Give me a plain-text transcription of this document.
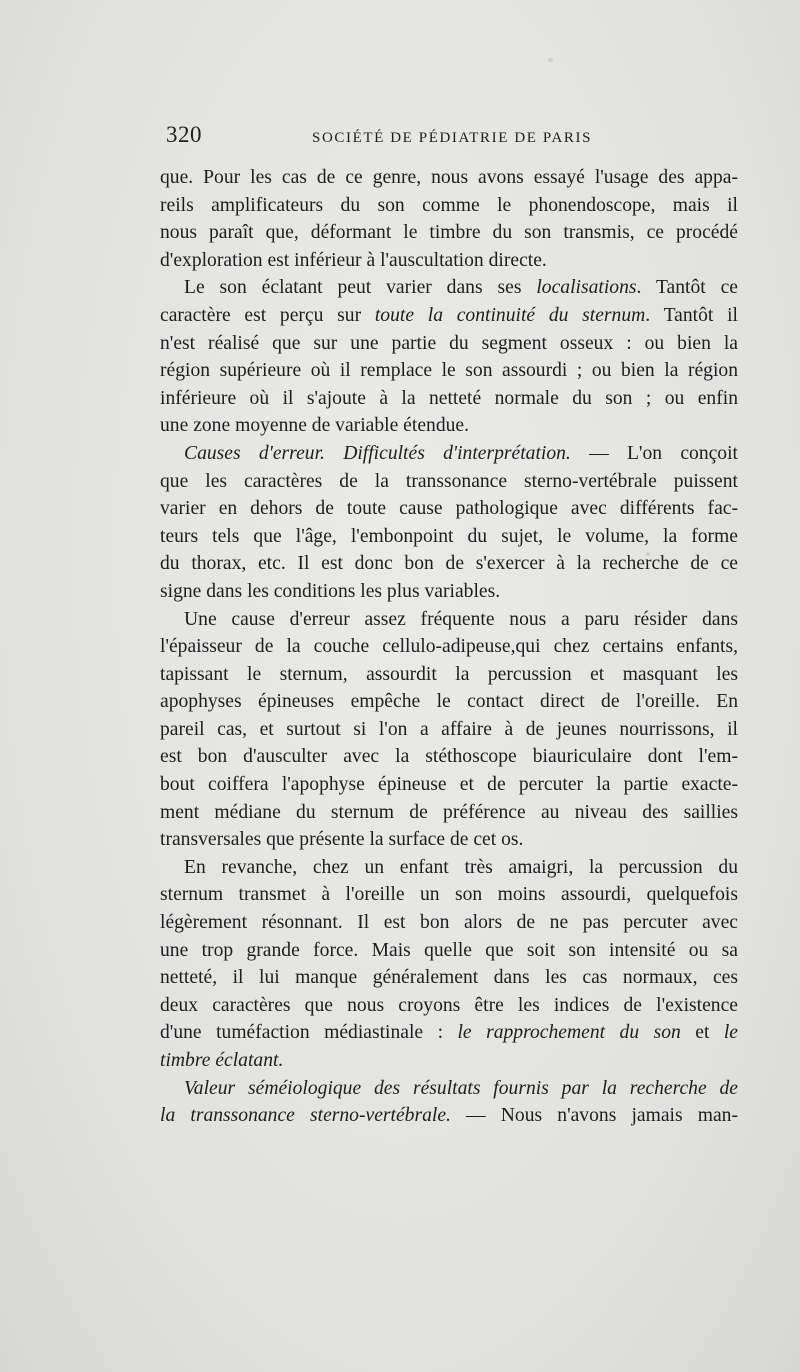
320	SOCIÉTÉ DE PÉDIATRIE DE PARIS
que. Pour les cas de ce genre, nous avons essayé l'usage des appa-
reils amplificateurs du son comme le phonendoscope, mais il
nous paraît que, déformant le timbre du son transmis, ce procédé
d'exploration est inférieur à l'auscultation directe.
Le son éclatant peut varier dans ses localisations. Tantôt ce
caractère est perçu sur toute la continuité du sternum. Tantôt il
n'est réalisé que sur une partie du segment osseux : ou bien la
région supérieure où il remplace le son assourdi ; ou bien la région
inférieure où il s'ajoute à la netteté normale du son ; ou enfin
une zone moyenne de variable étendue.
Causes d'erreur. Difficultés d'interprétation. — L'on conçoit
que les caractères de la transsonance sterno-vertébrale puissent
varier en dehors de toute cause pathologique avec différents fac-
teurs tels que l'âge, l'embonpoint du sujet, le volume, la forme
du thorax, etc. Il est donc bon de s'exercer à la recherche de ce
signe dans les conditions les plus variables.
Une cause d'erreur assez fréquente nous a paru résider dans
l'épaisseur de la couche cellulo-adipeuse,qui chez certains enfants,
tapissant le sternum, assourdit la percussion et masquant les
apophyses épineuses empêche le contact direct de l'oreille. En
pareil cas, et surtout si l'on a affaire à de jeunes nourrissons, il
est bon d'ausculter avec la stéthoscope biauriculaire dont l'em-
bout coiffera l'apophyse épineuse et de percuter la partie exacte-
ment médiane du sternum de préférence au niveau des saillies
transversales que présente la surface de cet os.
En revanche, chez un enfant très amaigri, la percussion du
sternum transmet à l'oreille un son moins assourdi, quelquefois
légèrement résonnant. Il est bon alors de ne pas percuter avec
une trop grande force. Mais quelle que soit son intensité ou sa
netteté, il lui manque généralement dans les cas normaux, ces
deux caractères que nous croyons être les indices de l'existence
d'une tuméfaction médiastinale : le rapprochement du son et le
timbre éclatant.
Valeur séméiologique des résultats fournis par la recherche de
la transsonance sterno-vertébrale. — Nous n'avons jamais man-
